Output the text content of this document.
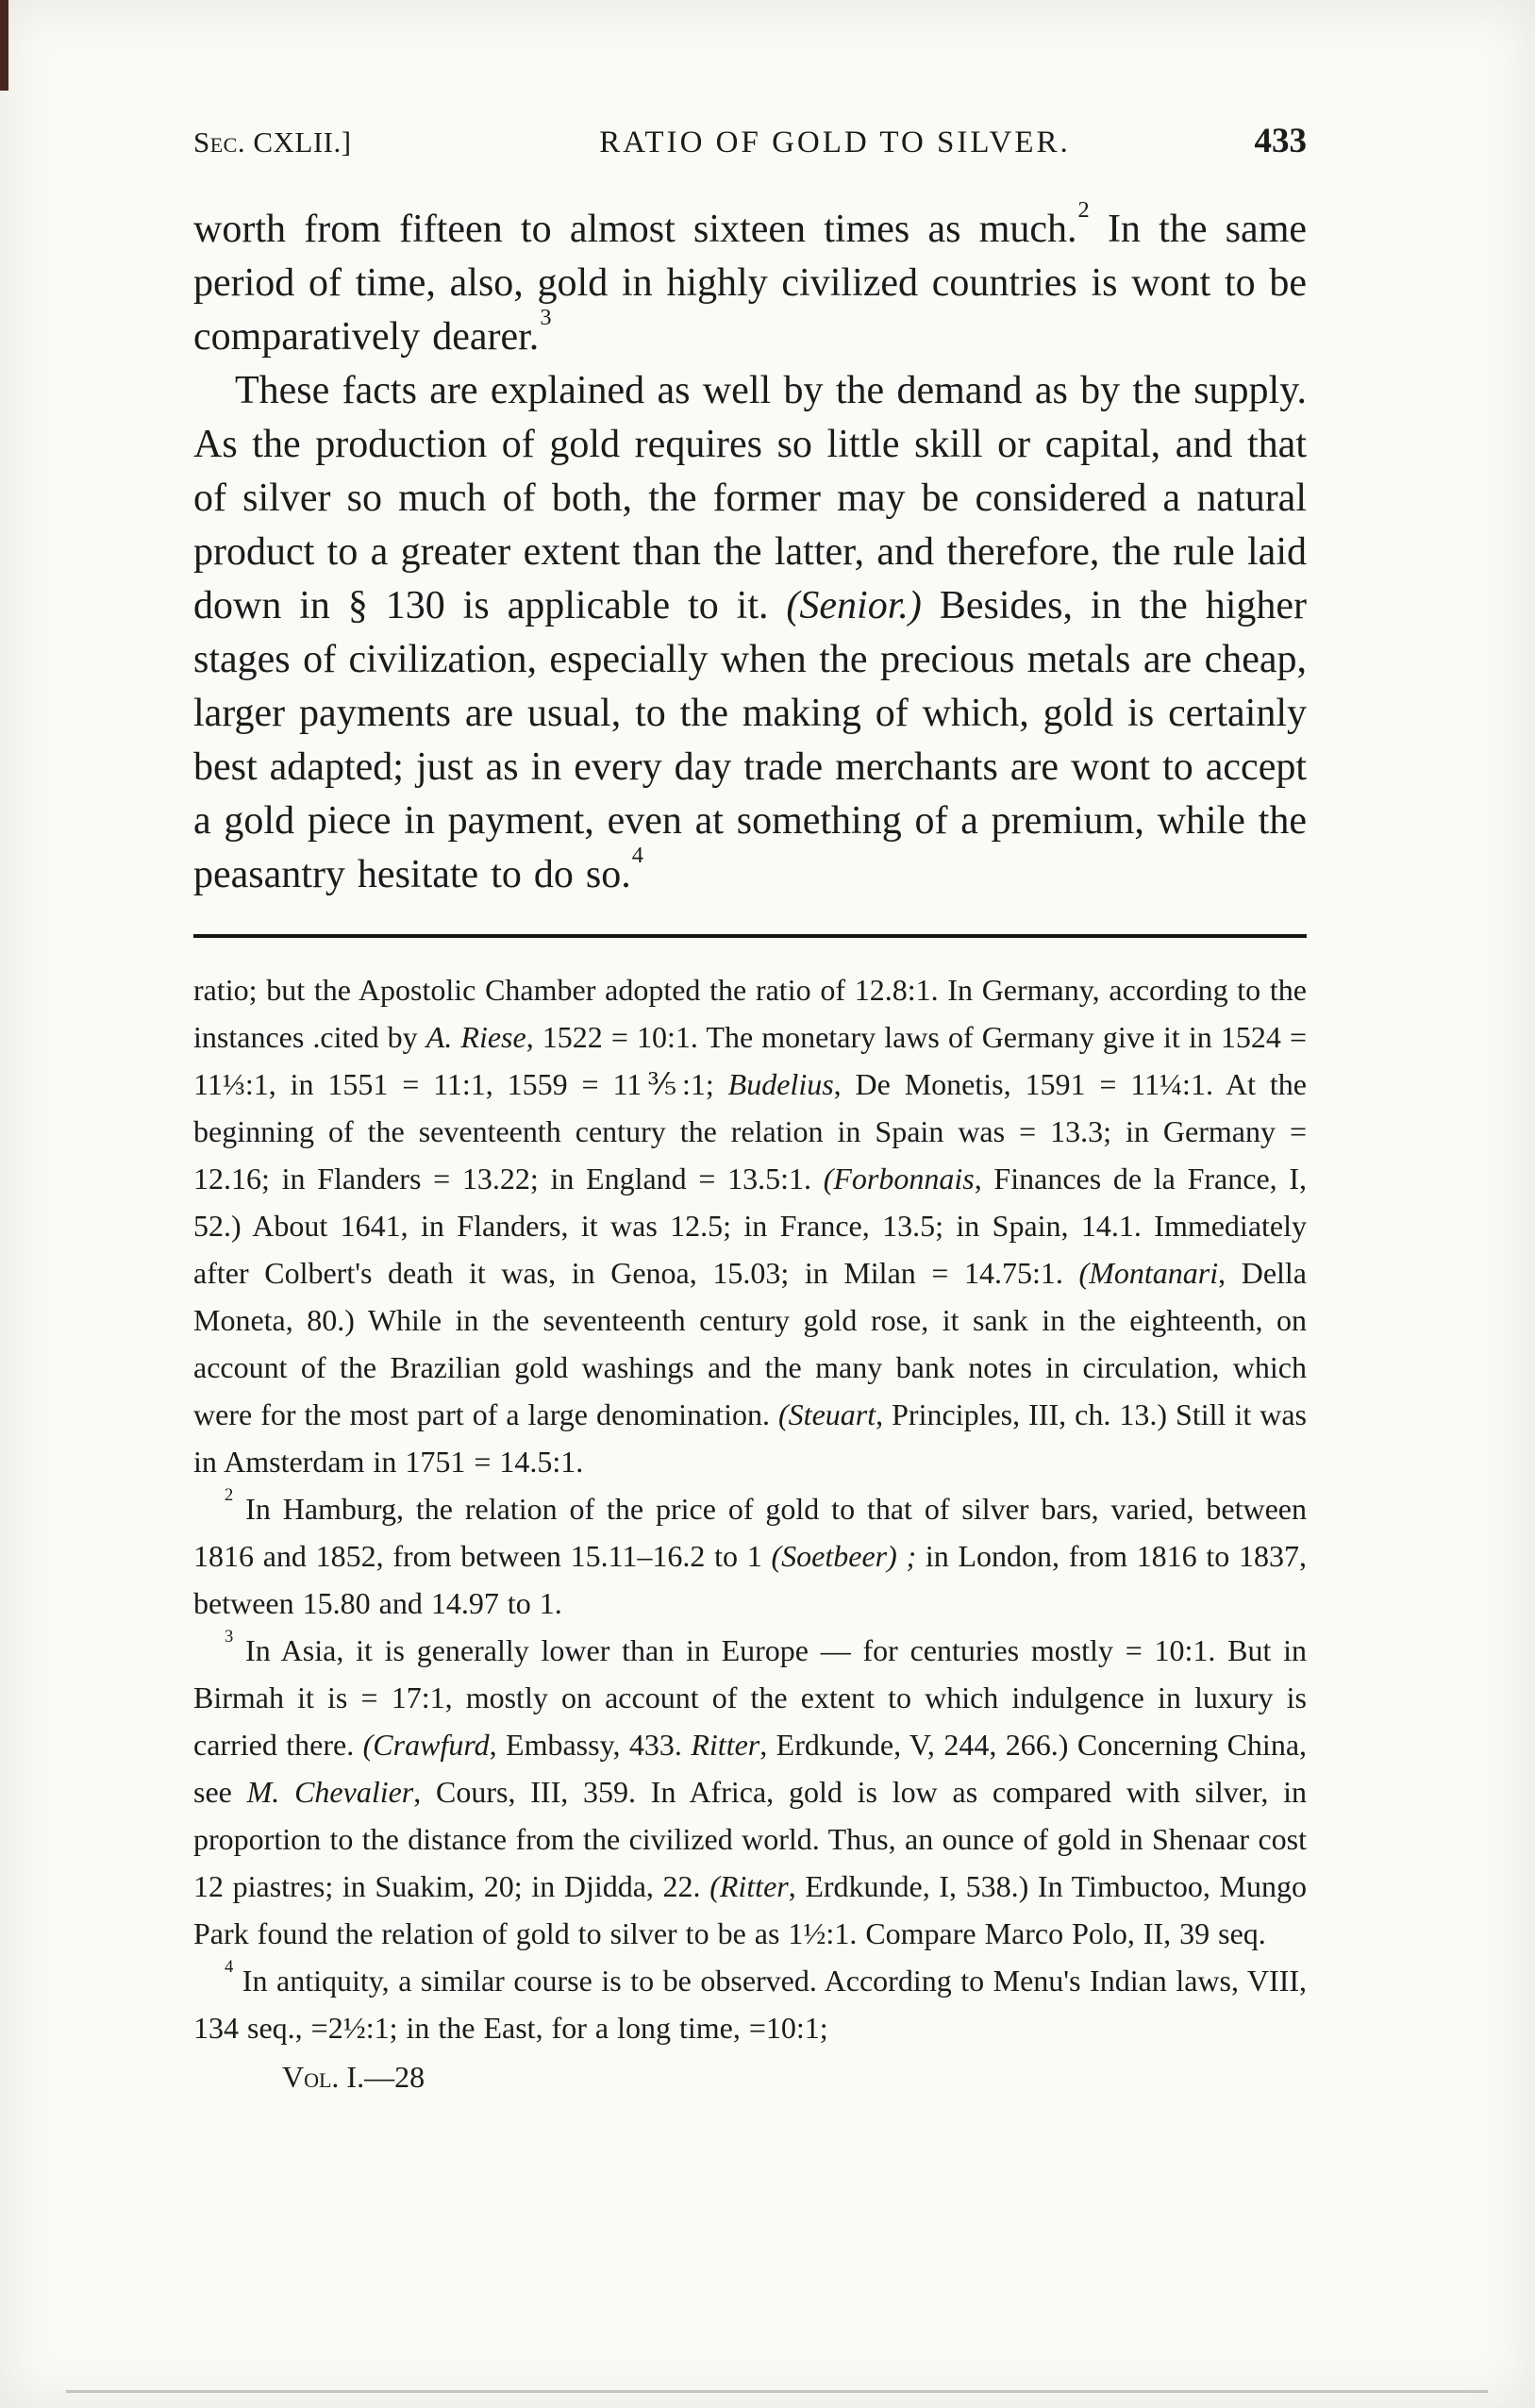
Sec. CXLII.]	RATIO OF GOLD TO SILVER.	433

worth from fifteen to almost sixteen times as much.$^2$ In the same period of time, also, gold in highly civilized countries is wont to be comparatively dearer.$^3$

These facts are explained as well by the demand as by the supply. As the production of gold requires so little skill or capital, and that of silver so much of both, the former may be considered a natural product to a greater extent than the latter, and therefore, the rule laid down in § 130 is applicable to it. (Senior.) Besides, in the higher stages of civilization, especially when the precious metals are cheap, larger payments are usual, to the making of which, gold is certainly best adapted; just as in every day trade merchants are wont to accept a gold piece in payment, even at something of a premium, while the peasantry hesitate to do so.$^4$

ratio; but the Apostolic Chamber adopted the ratio of 12.8:1. In Germany, according to the instances .cited by A. Riese, 1522 = 10:1. The monetary laws of Germany give it in 1524 = 11⅓:1, in 1551 = 11:1, 1559 = 11⅗:1; Budelius, De Monetis, 1591 = 11¼:1. At the beginning of the seventeenth century the relation in Spain was = 13.3; in Germany = 12.16; in Flanders = 13.22; in England = 13.5:1. (Forbonnais, Finances de la France, I, 52.) About 1641, in Flanders, it was 12.5; in France, 13.5; in Spain, 14.1. Immediately after Colbert's death it was, in Genoa, 15.03; in Milan = 14.75:1. (Montanari, Della Moneta, 80.) While in the seventeenth century gold rose, it sank in the eighteenth, on account of the Brazilian gold washings and the many bank notes in circulation, which were for the most part of a large denomination. (Steuart, Principles, III, ch. 13.) Still it was in Amsterdam in 1751 = 14.5:1.

$^2$ In Hamburg, the relation of the price of gold to that of silver bars, varied, between 1816 and 1852, from between 15.11–16.2 to 1 (Soetbeer) ; in London, from 1816 to 1837, between 15.80 and 14.97 to 1.

$^3$ In Asia, it is generally lower than in Europe — for centuries mostly = 10:1. But in Birmah it is = 17:1, mostly on account of the extent to which indulgence in luxury is carried there. (Crawfurd, Embassy, 433. Ritter, Erdkunde, V, 244, 266.) Concerning China, see M. Chevalier, Cours, III, 359. In Africa, gold is low as compared with silver, in proportion to the distance from the civilized world. Thus, an ounce of gold in Shenaar cost 12 piastres; in Suakim, 20; in Djidda, 22. (Ritter, Erdkunde, I, 538.) In Timbuctoo, Mungo Park found the relation of gold to silver to be as 1½:1. Compare Marco Polo, II, 39 seq.

$^4$ In antiquity, a similar course is to be observed. According to Menu's Indian laws, VIII, 134 seq., =2½:1; in the East, for a long time, =10:1;

Vol. I.—28
